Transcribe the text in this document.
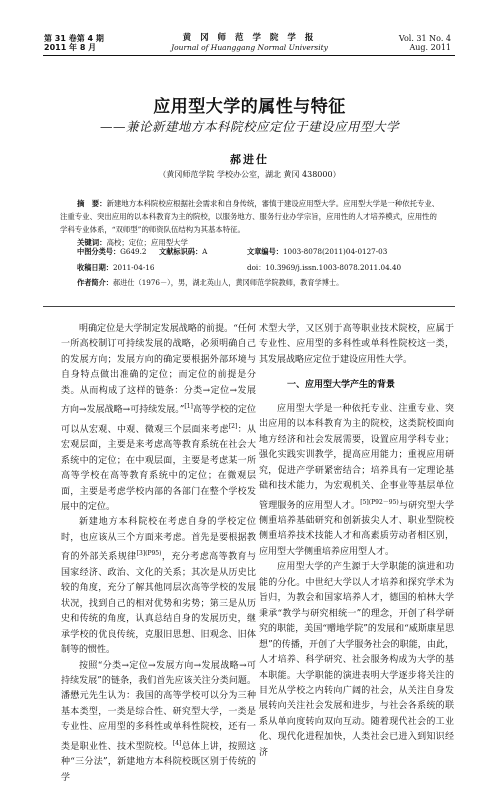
第 31 卷第 4 期
2011 年 8 月
黄 冈 师 范 学 院 学 报
Journal of Huanggang Normal University
Vol. 31 No. 4
Aug. 2011
应用型大学的属性与特征
——兼论新建地方本科院校应定位于建设应用型大学
郝进仕
（黄冈师范学院 学校办公室，湖北 黄冈 438000）
摘　要：新建地方本科院校应根据社会需求和自身传统，審慎于建设应用型大学。应用型大学是一种依托专业、注重专业、突出应用的以本科教育为主的院校，以服务地方、服务行业办学宗旨，应用性的人才培养模式，应用性的学科专业体系，“双师型”的师资队伍结构为其基本特征。
关键词：高校；定位；应用型大学
中图分类号：G649.2 文献标识码：A	文章编号：1003-8078(2011)04-0127-03
收稿日期：2011-04-16	doi：10.3969/j.issn.1003-8078.2011.04.40
作者简介：郝进仕（1976－），男，湖北英山人，黄冈师范学院教师，教育学博士。

明确定位是大学制定发展战略的前提。“任何一所高校制订可持续发展的战略，必须明确自己的发展方向；发展方向的确定要根据外部环境与自身特点做出准确的定位；而定位的前提是分类。从而构成了这样的链条：分类→定位→发展方向→发展战略→可持续发展。”[1]高等学校的定位可以从宏观、中观、微观三个层面来考虑[2]：从宏观层面，主要是来考虑高等教育系统在社会大系统中的定位；在中观层面，主要是考虑某一所高等学校在高等教育系统中的定位；在微观层面，主要是考虑学校内部的各部门在整个学校发展中的定位。

新建地方本科院校在考虑自身的学校定位时，也应该从三个方面来考虑。首先是要根据教育的外部关系规律$^{[3](P95)}$，充分考虑高等教育与国家经济、政治、文化的关系；其次是从历史比较的角度，充分了解其他同层次高等学校的发展状况，找到自己的相对优势和劣势；第三是从历史和传统的角度，认真总结自身的发展历史，继承学校的优良传统，克服旧思想、旧观念、旧体制等的惯性。

按照“分类→定位→发展方向→发展战略→可持续发展”的链条，我们首先应该关注分类问题。潘懋元先生认为：我国的高等学校可以分为三种基本类型，一类是综合性、研究型大学，一类是专业性、应用型的多科性或单科性院校，还有一类是职业性、技术型院校。[4]总体上讲，按照这种“三分法”，新建地方本科院校既区别于传统的学

术型大学，又区别于高等职业技术院校，应属于专业性、应用型的多科性或单科性院校这一类，其发展战略应定位于建设应用性大学。

一、应用型大学产生的背景

应用型大学是一种依托专业、注重专业、突出应用的以本科教育为主的院校，这类院校面向地方经济和社会发展需要，设置应用学科专业；强化实践实训教学，提高应用能力；重视应用研究，促进产学研紧密结合；培养具有一定理论基础和技术能力，为宏观机关、企事业等基层单位管理服务的应用型人才。$^{[5](P92-95)}$与研究型大学侧重培养基础研究和创新拔尖人才、职业型院校侧重培养技术技能人才和高素质劳动者相区别，应用型大学侧重培养应用型人才。

应用型大学的产生源于大学职能的演进和功能的分化。中世纪大学以人才培养和探究学术为旨归，为教会和国家培养人才，德国的柏林大学秉承“教学与研究相统一”的理念，开创了科学研究的职能，美国“赠地学院”的发展和“威斯康星思想”的传播，开创了大学服务社会的职能，由此，人才培养、科学研究、社会服务构成为大学的基本职能。大学职能的演进表明大学逐步将关注的目光从学校之内转向广阔的社会，从关注自身发展转向关注社会发展和进步，与社会各系统的联系从单向度转向双向互动。随着现代社会的工业化、现代化进程加快，人类社会已进入到知识经济
